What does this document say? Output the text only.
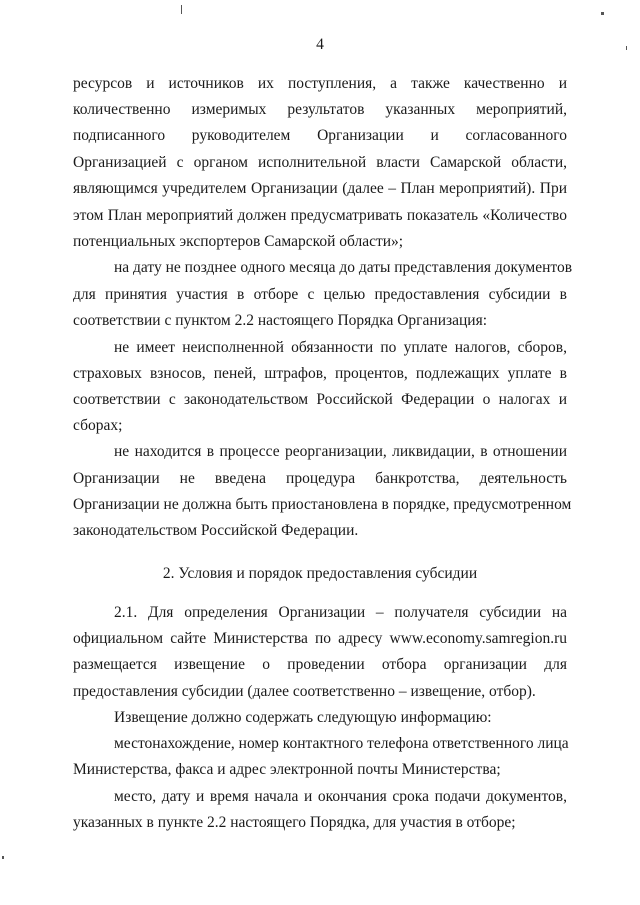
4
ресурсов и источников их поступления, а также качественно и
количественно измеримых результатов указанных мероприятий,
подписанного руководителем Организации и согласованного
Организацией с органом исполнительной власти Самарской области,
являющимся учредителем Организации (далее – План мероприятий). При
этом План мероприятий должен предусматривать показатель «Количество
потенциальных экспортеров Самарской области»;
на дату не позднее одного месяца до даты представления документов
для принятия участия в отборе с целью предоставления субсидии в
соответствии с пунктом 2.2 настоящего Порядка Организация:
не имеет неисполненной обязанности по уплате налогов, сборов,
страховых взносов, пеней, штрафов, процентов, подлежащих уплате в
соответствии с законодательством Российской Федерации о налогах и
сборах;
не находится в процессе реорганизации, ликвидации, в отношении
Организации не введена процедура банкротства, деятельность
Организации не должна быть приостановлена в порядке, предусмотренном
законодательством Российской Федерации.
2. Условия и порядок предоставления субсидии
2.1. Для определения Организации – получателя субсидии на
официальном сайте Министерства по адресу www.economy.samregion.ru
размещается извещение о проведении отбора организации для
предоставления субсидии (далее соответственно – извещение, отбор).
Извещение должно содержать следующую информацию:
местонахождение, номер контактного телефона ответственного лица
Министерства, факса и адрес электронной почты Министерства;
место, дату и время начала и окончания срока подачи документов,
указанных в пункте 2.2 настоящего Порядка, для участия в отборе;
